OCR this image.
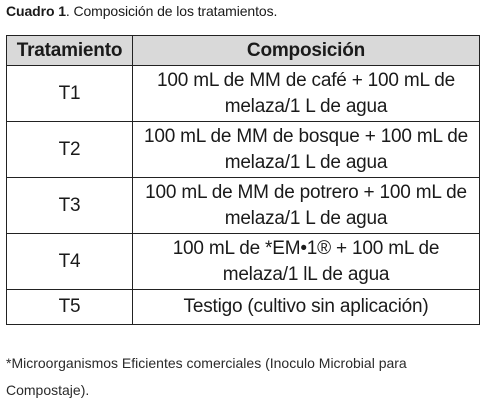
Cuadro 1. Composición de los tratamientos.
Tratamiento	Composición
T1	100 mL de MM de café + 100 mL de melaza/1 L de agua
T2	100 mL de MM de bosque + 100 mL de melaza/1 L de agua
T3	100 mL de MM de potrero + 100 mL de melaza/1 L de agua
T4	100 mL de *EM•1® + 100 mL de melaza/1 lL de agua
T5	Testigo (cultivo sin aplicación)
*Microorganismos Eficientes comerciales (Inoculo Microbial para Compostaje).
